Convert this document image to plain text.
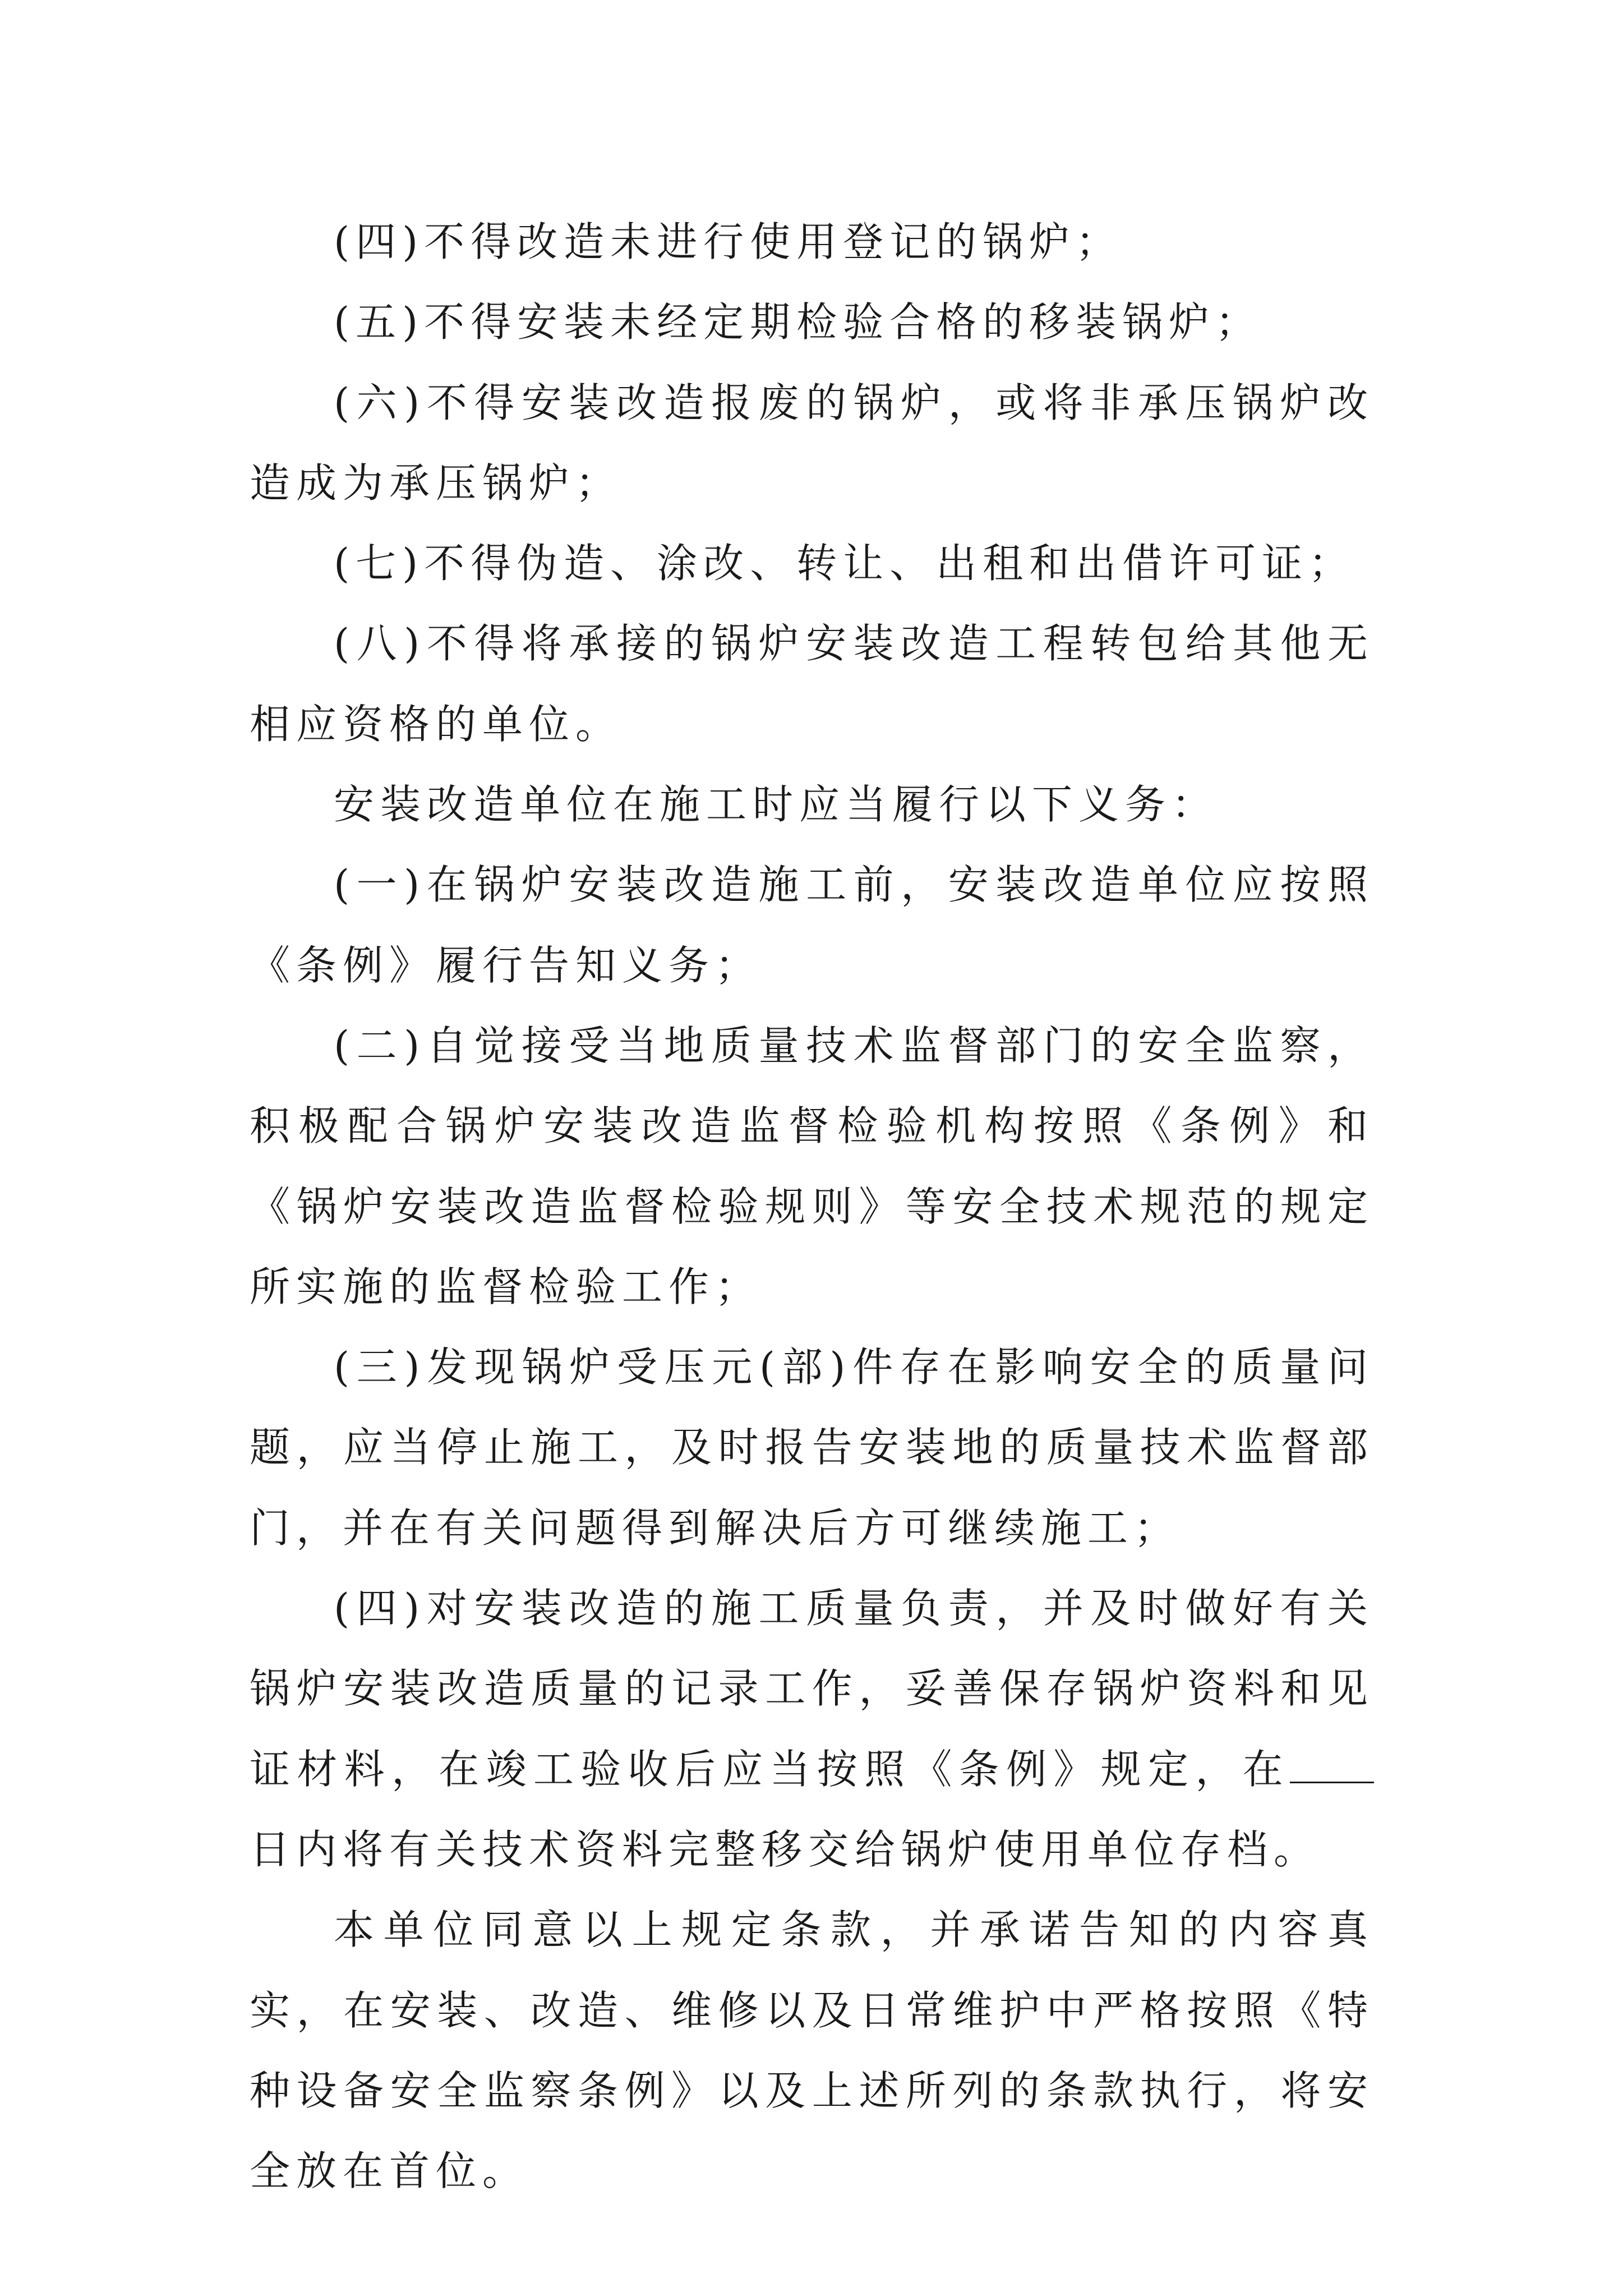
(四)不得改造未进行使用登记的锅炉；

(五)不得安装未经定期检验合格的移装锅炉；

(六)不得安装改造报废的锅炉，或将非承压锅炉改造成为承压锅炉；

(七)不得伪造、涂改、转让、出租和出借许可证；

(八)不得将承接的锅炉安装改造工程转包给其他无相应资格的单位。

安装改造单位在施工时应当履行以下义务：

(一)在锅炉安装改造施工前，安装改造单位应按照《条例》履行告知义务；

(二)自觉接受当地质量技术监督部门的安全监察，积极配合锅炉安装改造监督检验机构按照《条例》和《锅炉安装改造监督检验规则》等安全技术规范的规定所实施的监督检验工作；

(三)发现锅炉受压元(部)件存在影响安全的质量问题，应当停止施工，及时报告安装地的质量技术监督部门，并在有关问题得到解决后方可继续施工；

(四)对安装改造的施工质量负责，并及时做好有关锅炉安装改造质量的记录工作，妥善保存锅炉资料和见证材料，在竣工验收后应当按照《条例》规定，在日内将有关技术资料完整移交给锅炉使用单位存档。

本单位同意以上规定条款，并承诺告知的内容真实，在安装、改造、维修以及日常维护中严格按照《特种设备安全监察条例》以及上述所列的条款执行，将安全放在首位。
